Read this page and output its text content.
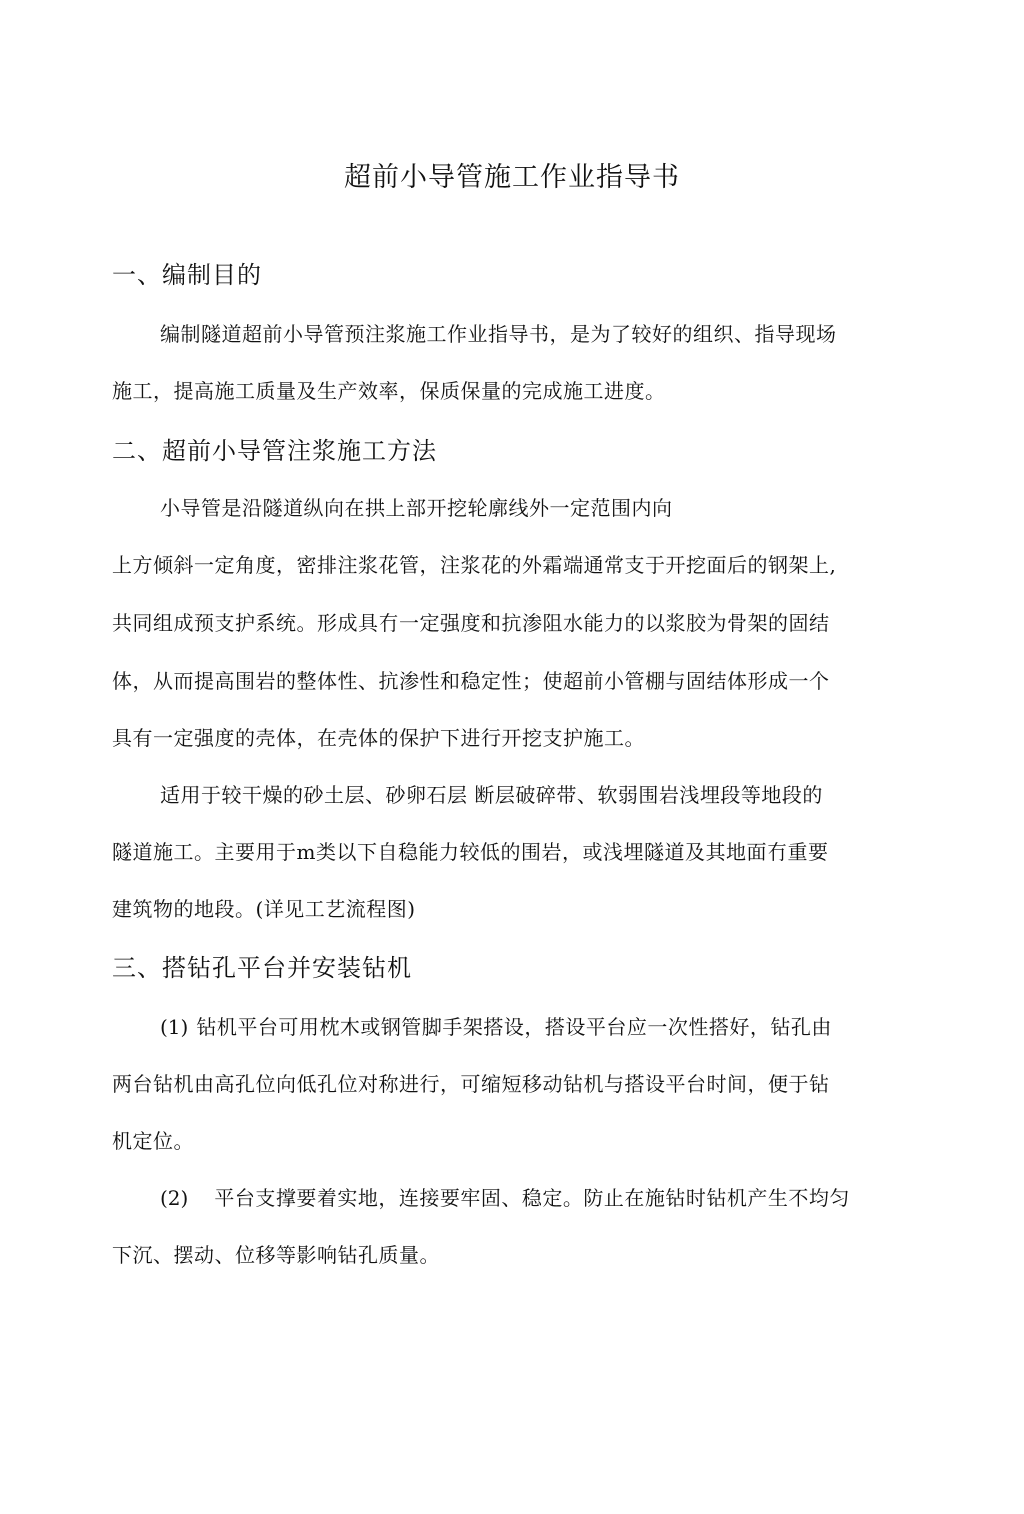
超前小导管施工作业指导书
一、编制目的
编制隧道超前小导管预注浆施工作业指导书，是为了较好的组织、指导现场
施工，提高施工质量及生产效率，保质保量的完成施工进度。
二、超前小导管注浆施工方法
小导管是沿隧道纵向在拱上部开挖轮廓线外一定范围内向
上方倾斜一定角度，密排注浆花管，注浆花的外霜端通常支于开挖面后的钢架上,
共同组成预支护系统。形成具冇一定强度和抗渗阻水能力的以浆胶为骨架的固结
体，从而提高围岩的整体性、抗渗性和稳定性；使超前小管棚与固结体形成一个
具有一定强度的壳体，在壳体的保护下进行开挖支护施工。
适用于较干燥的砂土层、砂卵石层 断层破碎带、软弱围岩浅埋段等地段的
隧道施工。主要用于m类以下自稳能力较低的围岩，或浅埋隧道及其地面冇重要
建筑物的地段。(详见工艺流程图)
三、搭钻孔平台并安装钻机
(1) 钻机平台可用枕木或钢管脚手架搭设，搭设平台应一次性搭好，钻孔由
两台钻机由高孔位向低孔位对称进行，可缩短移动钻机与搭设平台时间，便于钻
机定位。
(2) 平台支撑要着实地，连接要牢固、稳定。防止在施钻时钻机产生不均匀
下沉、摆动、位移等影响钻孔质量。
